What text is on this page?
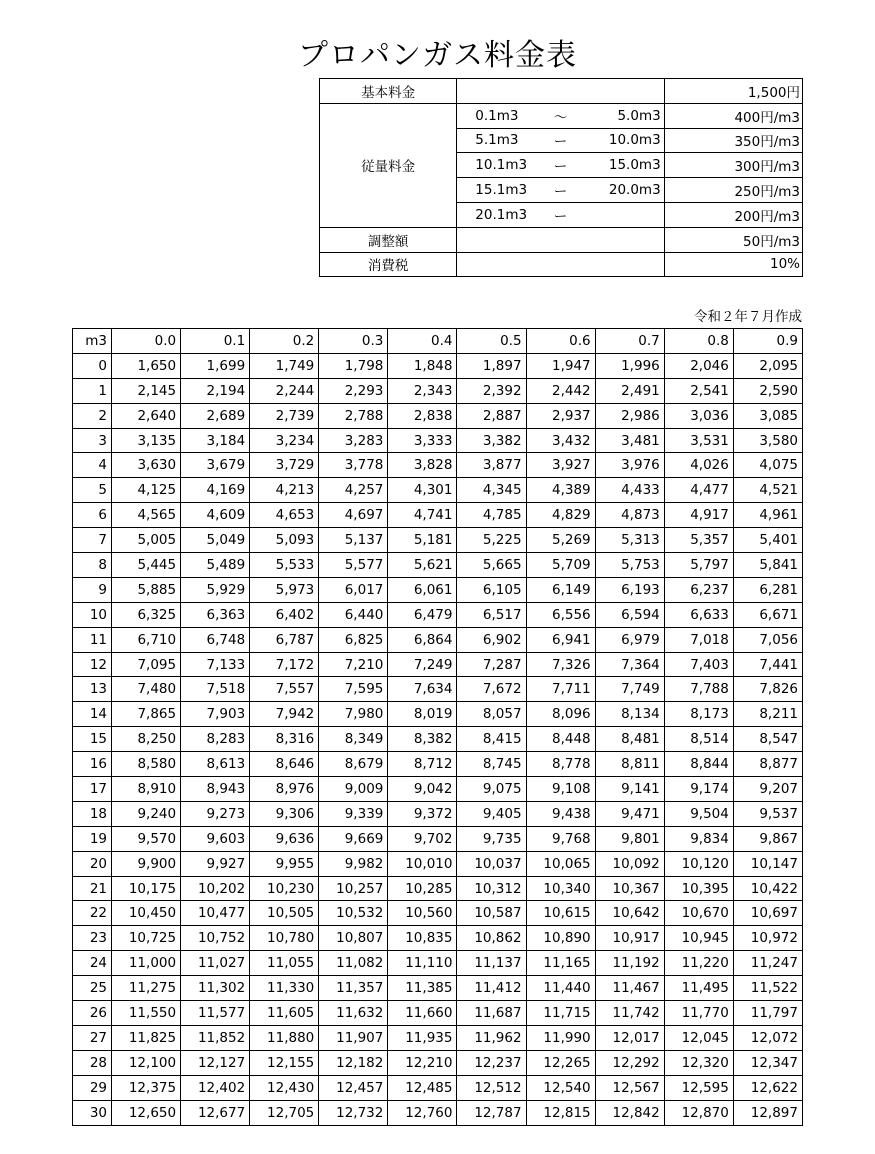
プロパンガス料金表
基本料金		1,500円
従量料金	0.1m3 ～ 5.0m3	400円/m3

	5.1m3 ー 10.0m3	350円/m3

	10.1m3 ー 15.0m3	300円/m3

	15.1m3 ー 20.0m3	250円/m3

	20.1m3 ー	200円/m3
調整額		50円/m3
消費税		10%
令和２年７月作成
m3	0.0	0.1	0.2	0.3	0.4	0.5	0.6	0.7	0.8	0.9
0	1,650	1,699	1,749	1,798	1,848	1,897	1,947	1,996	2,046	2,095
1	2,145	2,194	2,244	2,293	2,343	2,392	2,442	2,491	2,541	2,590
2	2,640	2,689	2,739	2,788	2,838	2,887	2,937	2,986	3,036	3,085
3	3,135	3,184	3,234	3,283	3,333	3,382	3,432	3,481	3,531	3,580
4	3,630	3,679	3,729	3,778	3,828	3,877	3,927	3,976	4,026	4,075
5	4,125	4,169	4,213	4,257	4,301	4,345	4,389	4,433	4,477	4,521
6	4,565	4,609	4,653	4,697	4,741	4,785	4,829	4,873	4,917	4,961
7	5,005	5,049	5,093	5,137	5,181	5,225	5,269	5,313	5,357	5,401
8	5,445	5,489	5,533	5,577	5,621	5,665	5,709	5,753	5,797	5,841
9	5,885	5,929	5,973	6,017	6,061	6,105	6,149	6,193	6,237	6,281
10	6,325	6,363	6,402	6,440	6,479	6,517	6,556	6,594	6,633	6,671
11	6,710	6,748	6,787	6,825	6,864	6,902	6,941	6,979	7,018	7,056
12	7,095	7,133	7,172	7,210	7,249	7,287	7,326	7,364	7,403	7,441
13	7,480	7,518	7,557	7,595	7,634	7,672	7,711	7,749	7,788	7,826
14	7,865	7,903	7,942	7,980	8,019	8,057	8,096	8,134	8,173	8,211
15	8,250	8,283	8,316	8,349	8,382	8,415	8,448	8,481	8,514	8,547
16	8,580	8,613	8,646	8,679	8,712	8,745	8,778	8,811	8,844	8,877
17	8,910	8,943	8,976	9,009	9,042	9,075	9,108	9,141	9,174	9,207
18	9,240	9,273	9,306	9,339	9,372	9,405	9,438	9,471	9,504	9,537
19	9,570	9,603	9,636	9,669	9,702	9,735	9,768	9,801	9,834	9,867
20	9,900	9,927	9,955	9,982	10,010	10,037	10,065	10,092	10,120	10,147
21	10,175	10,202	10,230	10,257	10,285	10,312	10,340	10,367	10,395	10,422
22	10,450	10,477	10,505	10,532	10,560	10,587	10,615	10,642	10,670	10,697
23	10,725	10,752	10,780	10,807	10,835	10,862	10,890	10,917	10,945	10,972
24	11,000	11,027	11,055	11,082	11,110	11,137	11,165	11,192	11,220	11,247
25	11,275	11,302	11,330	11,357	11,385	11,412	11,440	11,467	11,495	11,522
26	11,550	11,577	11,605	11,632	11,660	11,687	11,715	11,742	11,770	11,797
27	11,825	11,852	11,880	11,907	11,935	11,962	11,990	12,017	12,045	12,072
28	12,100	12,127	12,155	12,182	12,210	12,237	12,265	12,292	12,320	12,347
29	12,375	12,402	12,430	12,457	12,485	12,512	12,540	12,567	12,595	12,622
30	12,650	12,677	12,705	12,732	12,760	12,787	12,815	12,842	12,870	12,897
